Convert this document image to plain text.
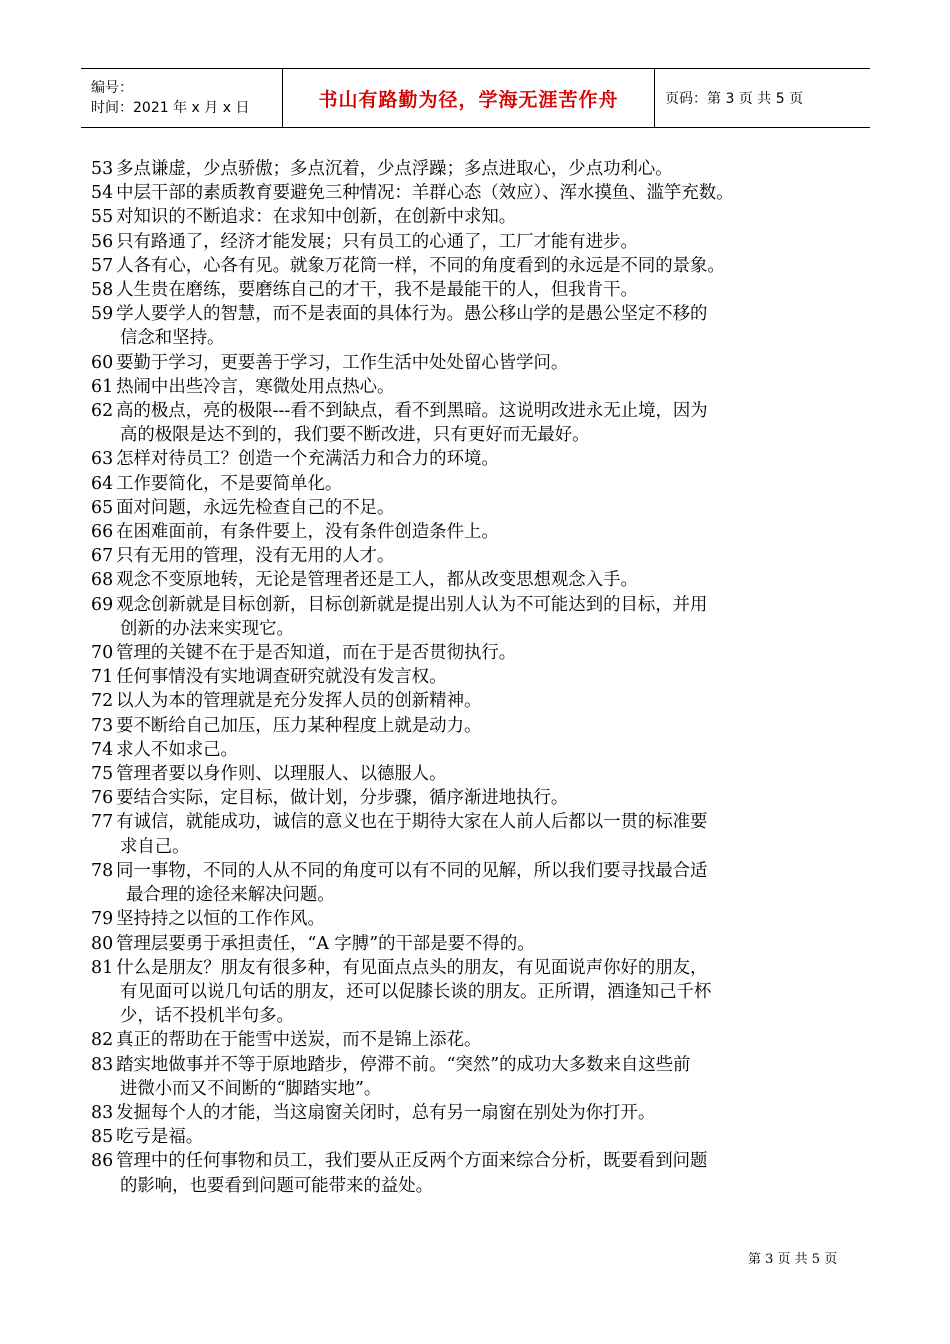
编号：
时间：2021 年 x 月 x 日	书山有路勤为径，学海无涯苦作舟	页码：第 3 页 共 5 页
53 多点谦虚，少点骄傲；多点沉着，少点浮躁；多点进取心，少点功利心。
54 中层干部的素质教育要避免三种情况：羊群心态（效应）、浑水摸鱼、滥竽充数。
55 对知识的不断追求：在求知中创新，在创新中求知。
56 只有路通了，经济才能发展；只有员工的心通了，工厂才能有进步。
57 人各有心，心各有见。就象万花筒一样，不同的角度看到的永远是不同的景象。
58 人生贵在磨练，要磨练自己的才干，我不是最能干的人，但我肯干。
59 学人要学人的智慧，而不是表面的具体行为。愚公移山学的是愚公坚定不移的
信念和坚持。
60 要勤于学习，更要善于学习，工作生活中处处留心皆学问。
61 热闹中出些冷言，寒微处用点热心。
62 高的极点，亮的极限---看不到缺点，看不到黑暗。这说明改进永无止境，因为
高的极限是达不到的，我们要不断改进，只有更好而无最好。
63 怎样对待员工？创造一个充满活力和合力的环境。
64 工作要简化，不是要简单化。
65 面对问题，永远先检查自己的不足。
66 在困难面前，有条件要上，没有条件创造条件上。
67 只有无用的管理，没有无用的人才。
68 观念不变原地转，无论是管理者还是工人，都从改变思想观念入手。
69 观念创新就是目标创新，目标创新就是提出别人认为不可能达到的目标，并用
创新的办法来实现它。
70 管理的关键不在于是否知道，而在于是否贯彻执行。
71 任何事情没有实地调查研究就没有发言权。
72 以人为本的管理就是充分发挥人员的创新精神。
73 要不断给自己加压，压力某种程度上就是动力。
74 求人不如求己。
75 管理者要以身作则、以理服人、以德服人。
76 要结合实际，定目标，做计划，分步骤，循序渐进地执行。
77 有诚信，就能成功，诚信的意义也在于期待大家在人前人后都以一贯的标准要
求自己。
78 同一事物，不同的人从不同的角度可以有不同的见解，所以我们要寻找最合适
最合理的途径来解决问题。
79 坚持持之以恒的工作作风。
80 管理层要勇于承担责任，“A 字膊”的干部是要不得的。
81 什么是朋友？朋友有很多种，有见面点点头的朋友，有见面说声你好的朋友，
有见面可以说几句话的朋友，还可以促膝长谈的朋友。正所谓，酒逢知己千杯
少，话不投机半句多。
82 真正的帮助在于能雪中送炭，而不是锦上添花。
83 踏实地做事并不等于原地踏步，停滞不前。“突然”的成功大多数来自这些前
进微小而又不间断的“脚踏实地”。
83 发掘每个人的才能，当这扇窗关闭时，总有另一扇窗在别处为你打开。
85 吃亏是福。
86 管理中的任何事物和员工，我们要从正反两个方面来综合分析，既要看到问题
的影响，也要看到问题可能带来的益处。
第 3 页 共 5 页
